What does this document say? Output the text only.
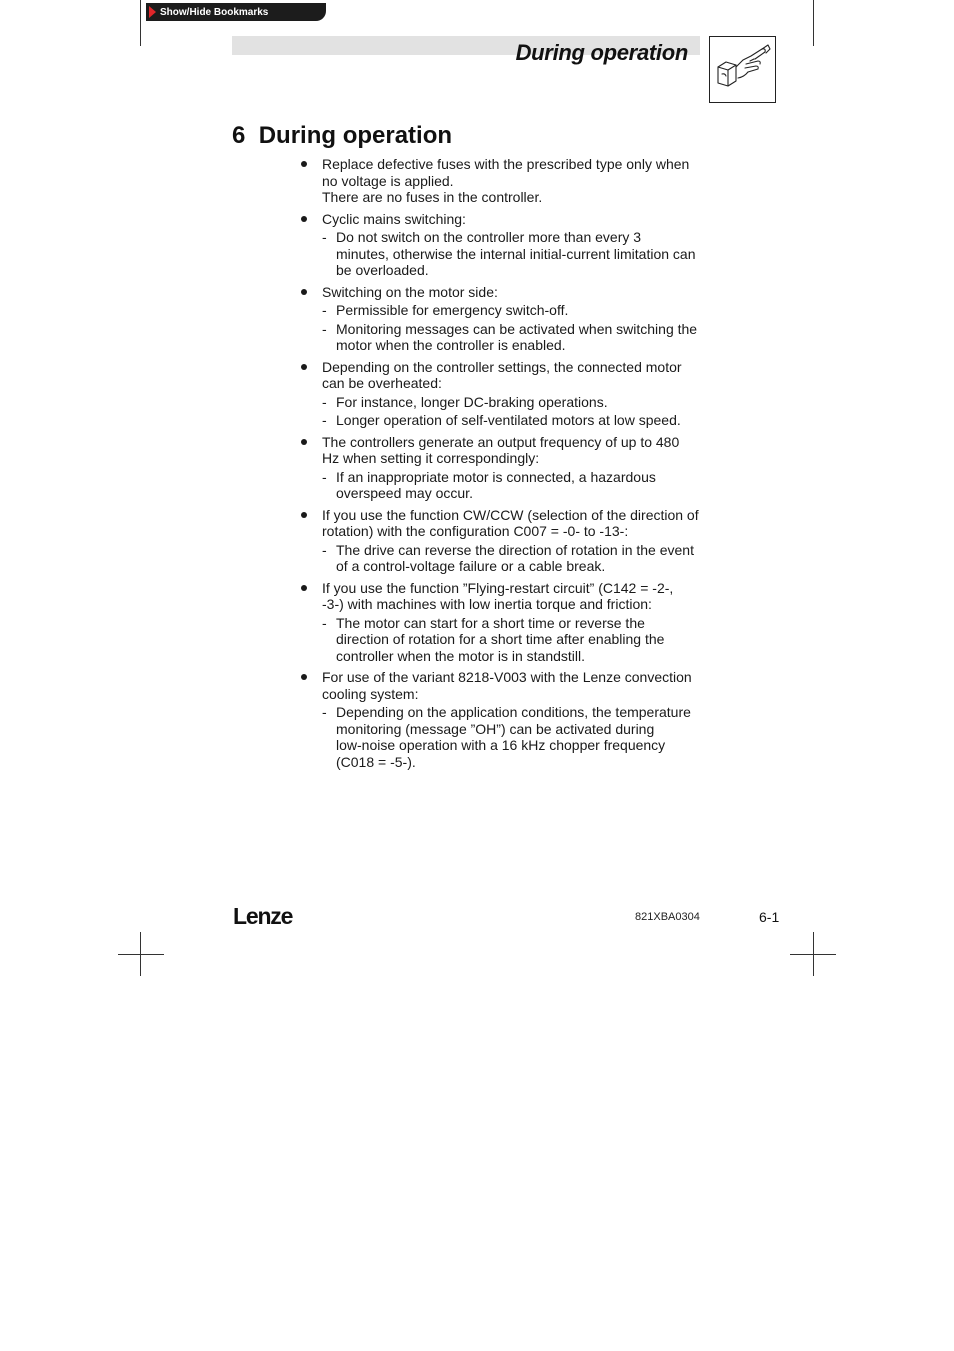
Show/Hide Bookmarks
During operation
6 During operation
Replace defective fuses with the prescribed type only when
no voltage is applied.
There are no fuses in the controller.
Cyclic mains switching:
- Do not switch on the controller more than every 3
minutes, otherwise the internal initial-current limitation can
be overloaded.
Switching on the motor side:
- Permissible for emergency switch-off.
- Monitoring messages can be activated when switching the
motor when the controller is enabled.
Depending on the controller settings, the connected motor
can be overheated:
- For instance, longer DC-braking operations.
- Longer operation of self-ventilated motors at low speed.
The controllers generate an output frequency of up to 480
Hz when setting it correspondingly:
- If an inappropriate motor is connected, a hazardous
overspeed may occur.
If you use the function CW/CCW (selection of the direction of
rotation) with the configuration C007 = -0- to -13-:
- The drive can reverse the direction of rotation in the event
of a control-voltage failure or a cable break.
If you use the function ”Flying-restart circuit” (C142 = -2-,
-3-) with machines with low inertia torque and friction:
- The motor can start for a short time or reverse the
direction of rotation for a short time after enabling the
controller when the motor is in standstill.
For use of the variant 8218-V003 with the Lenze convection
cooling system:
- Depending on the application conditions, the temperature
monitoring (message ”OH”) can be activated during
low-noise operation with a 16 kHz chopper frequency
(C018 = -5-).
Lenze	821XBA0304	6-1
